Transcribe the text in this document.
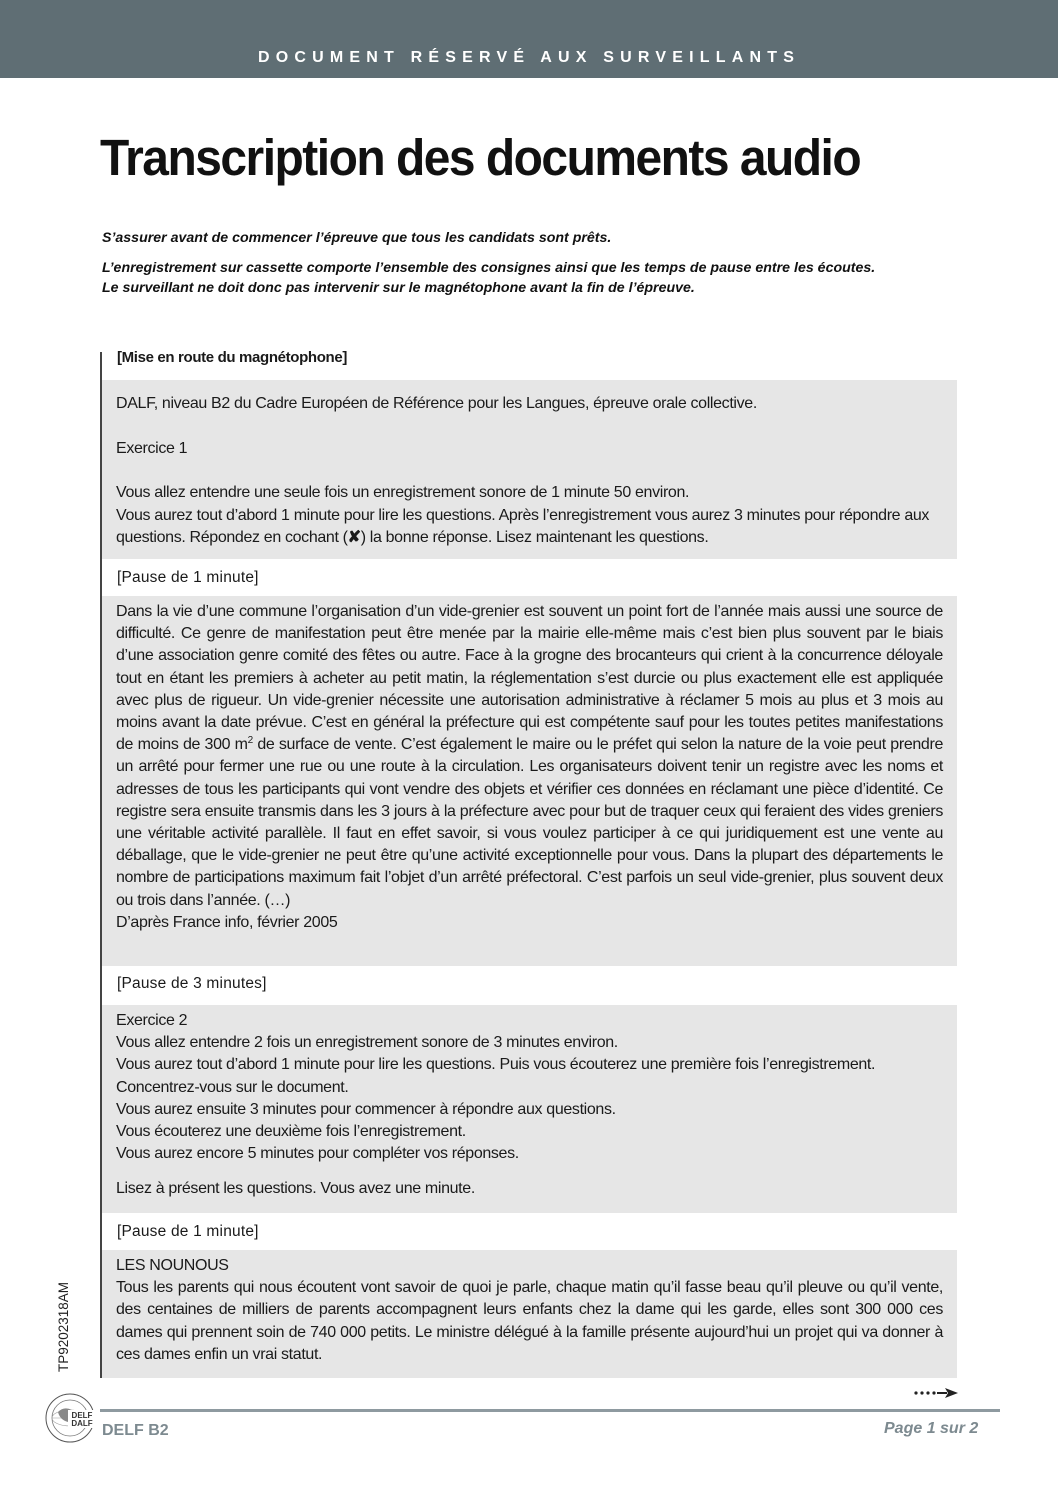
DOCUMENT RÉSERVÉ AUX SURVEILLANTS
Transcription des documents audio

S’assurer avant de commencer l’épreuve que tous les candidats sont prêts.

L’enregistrement sur cassette comporte l’ensemble des consignes ainsi que les temps de pause entre les écoutes. Le surveillant ne doit donc pas intervenir sur le magnétophone avant la fin de l’épreuve.

[Mise en route du magnétophone]
DALF, niveau B2 du Cadre Européen de Référence pour les Langues, épreuve orale collective.
Exercice 1
Vous allez entendre une seule fois un enregistrement sonore de 1 minute 50 environ.
Vous aurez tout d’abord 1 minute pour lire les questions. Après l’enregistrement vous aurez 3 minutes pour répondre aux questions. Répondez en cochant (✘) la bonne réponse. Lisez maintenant les questions.
[Pause de 1 minute]
Dans la vie d’une commune l’organisation d’un vide-grenier est souvent un point fort de l’année mais aussi une source de difficulté. Ce genre de manifestation peut être menée par la mairie elle-même mais c’est bien plus souvent par le biais d’une association genre comité des fêtes ou autre. Face à la grogne des brocanteurs qui crient à la concurrence déloyale tout en étant les premiers à acheter au petit matin, la réglementation s’est durcie ou plus exactement elle est appliquée avec plus de rigueur. Un vide-grenier nécessite une autorisation administrative à réclamer 5 mois au plus et 3 mois au moins avant la date prévue. C’est en général la préfecture qui est compétente sauf pour les toutes petites manifestations de moins de 300 $m^2$ de surface de vente. C’est également le maire ou le préfet qui selon la nature de la voie peut prendre un arrêté pour fermer une rue ou une route à la circulation. Les organisateurs doivent tenir un registre avec les noms et adresses de tous les participants qui vont vendre des objets et vérifier ces données en réclamant une pièce d’identité. Ce registre sera ensuite transmis dans les 3 jours à la préfecture avec pour but de traquer ceux qui feraient des vides greniers une véritable activité parallèle. Il faut en effet savoir, si vous voulez participer à ce qui juridiquement est une vente au déballage, que le vide-grenier ne peut être qu’une activité exceptionnelle pour vous. Dans la plupart des départements le nombre de participations maximum fait l’objet d’un arrêté préfectoral. C’est parfois un seul vide-grenier, plus souvent deux ou trois dans l’année. (…)
D’après France info, février 2005
[Pause de 3 minutes]
Exercice 2
Vous allez entendre 2 fois un enregistrement sonore de 3 minutes environ.
Vous aurez tout d’abord 1 minute pour lire les questions. Puis vous écouterez une première fois l’enregistrement.
Concentrez-vous sur le document.
Vous aurez ensuite 3 minutes pour commencer à répondre aux questions.
Vous écouterez une deuxième fois l’enregistrement.
Vous aurez encore 5 minutes pour compléter vos réponses.
Lisez à présent les questions. Vous avez une minute.
[Pause de 1 minute]
LES NOUNOUS
Tous les parents qui nous écoutent vont savoir de quoi je parle, chaque matin qu’il fasse beau qu’il pleuve ou qu’il vente, des centaines de milliers de parents accompagnent leurs enfants chez la dame qui les garde, elles sont 300 000 ces dames qui prennent soin de 740 000 petits. Le ministre délégué à la famille présente aujourd’hui un projet qui va donner à ces dames enfin un vrai statut.
TP9202318AM
DELF
DALF DELF B2	Page 1 sur 2
